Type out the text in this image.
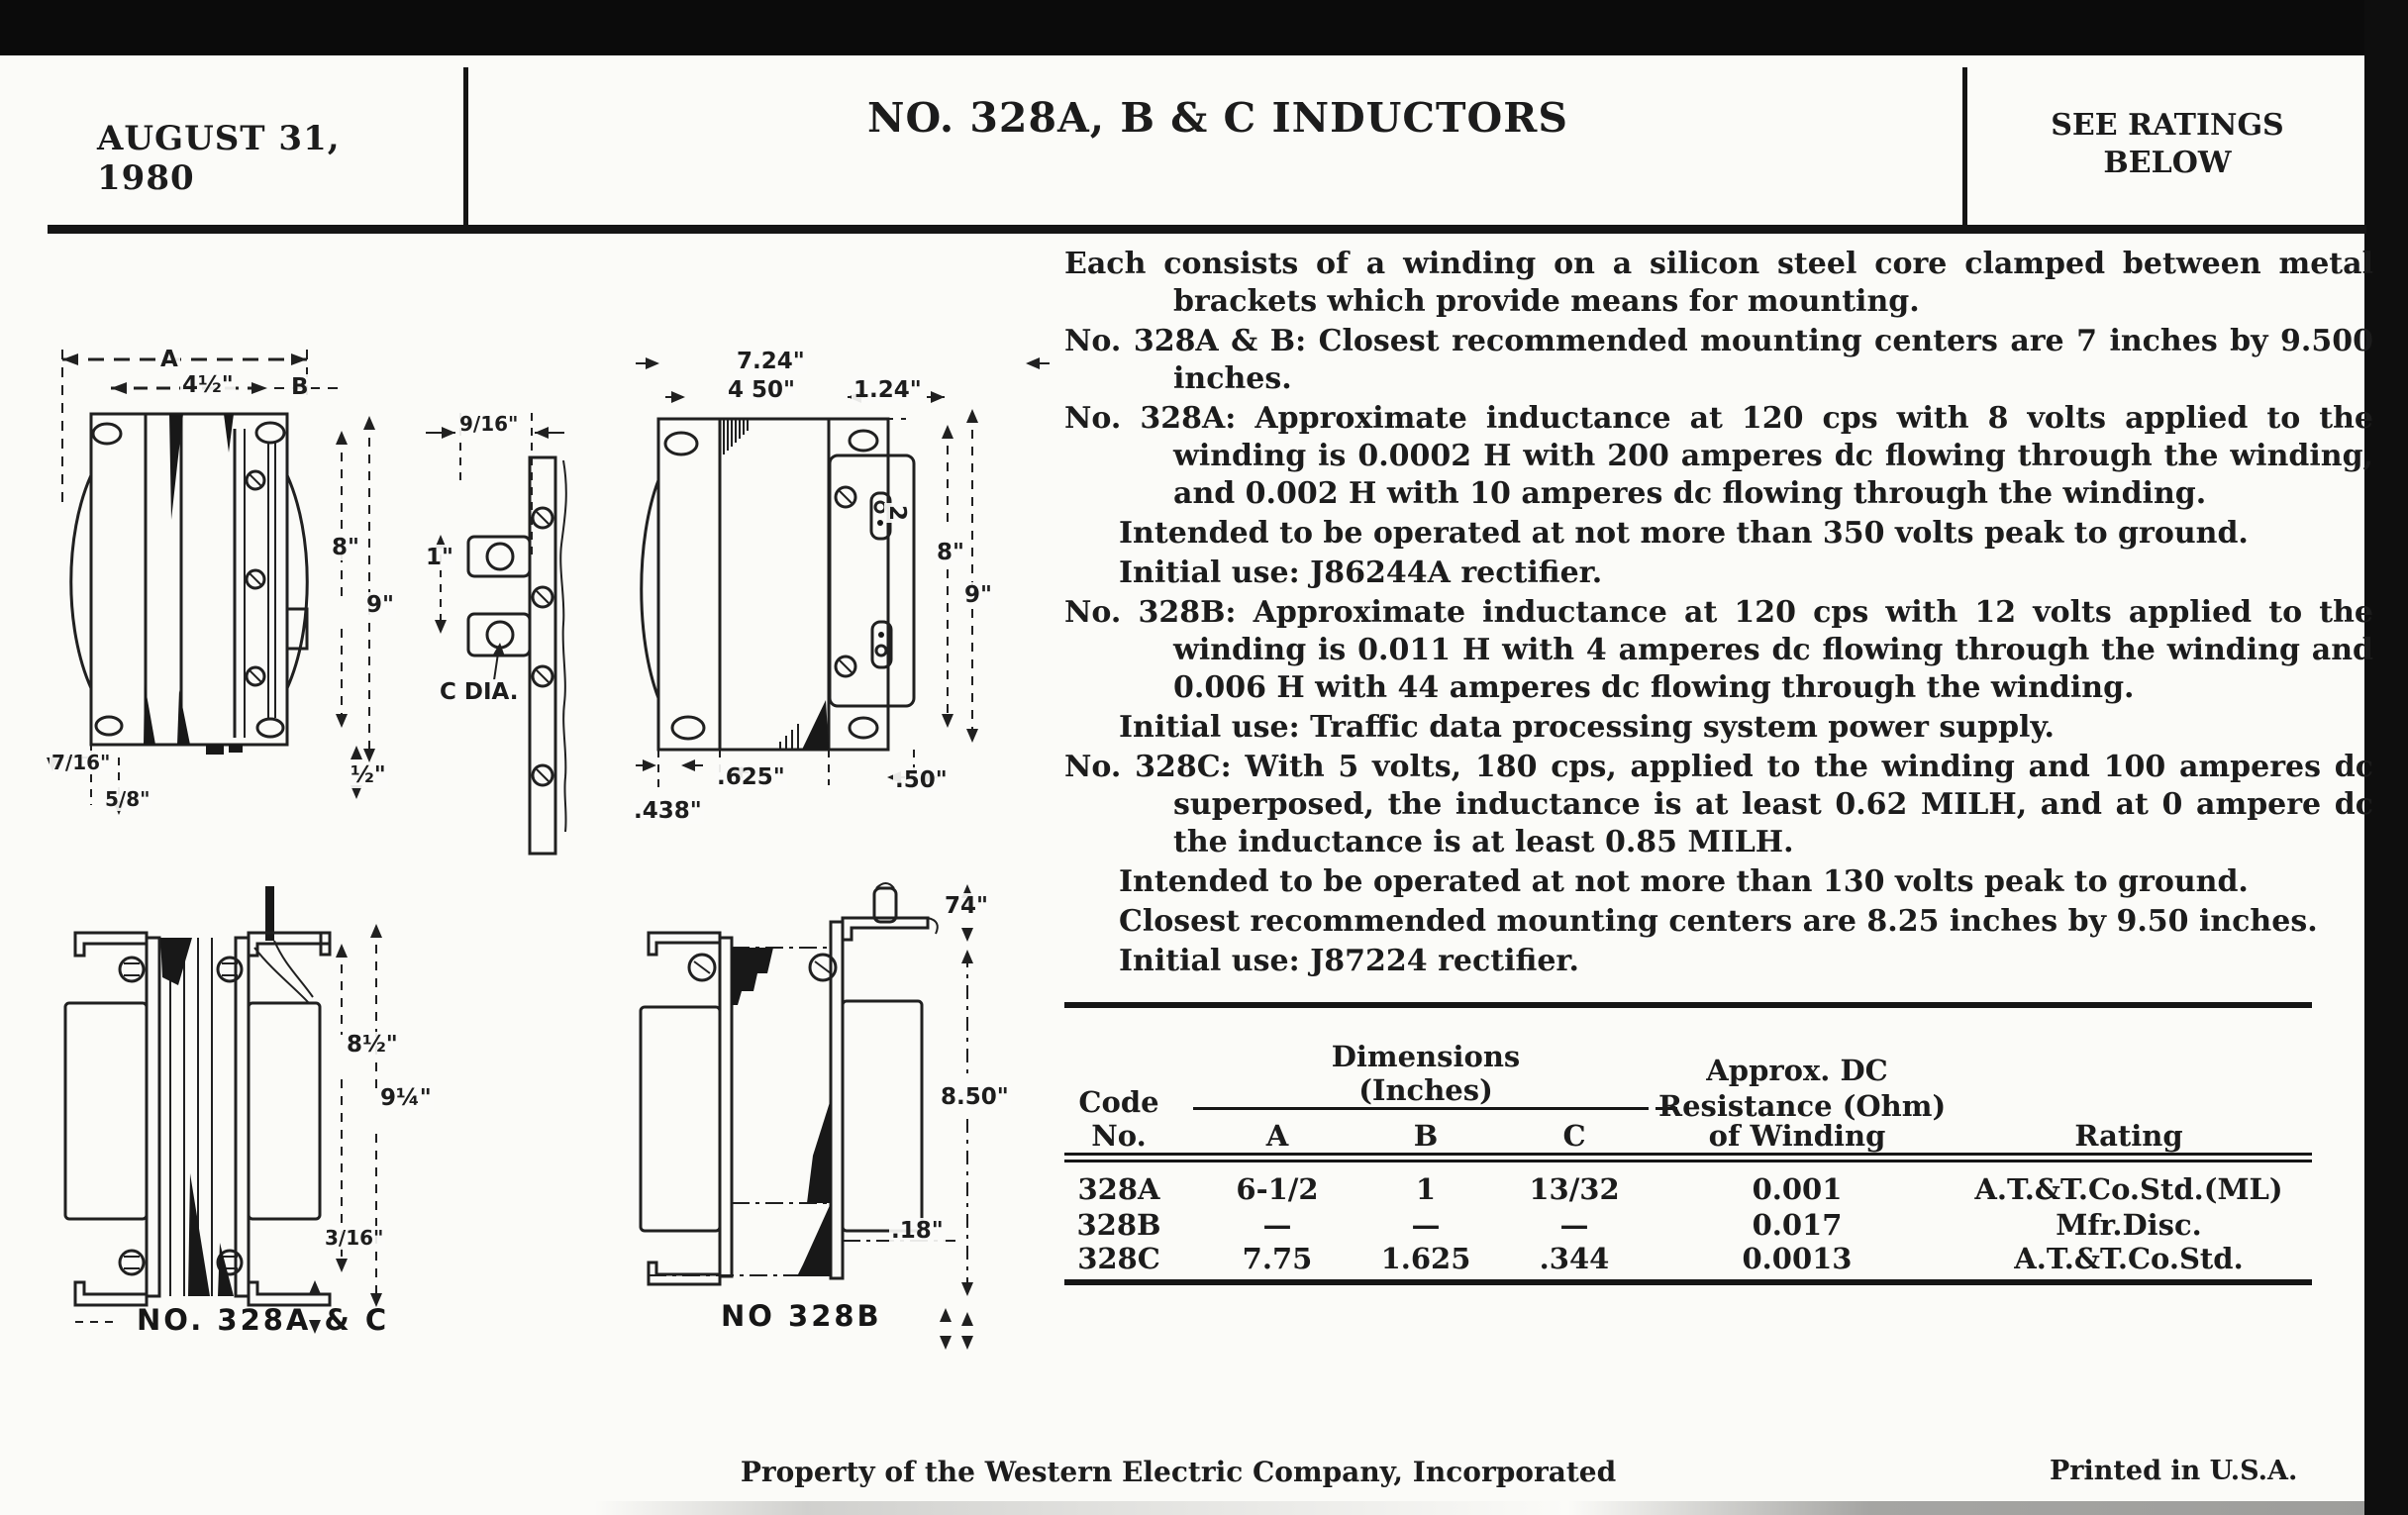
AUGUST 31, 1980
NO. 328A, B & C INDUCTORS	SEE RATINGS
BELOW

Each consists of a winding on a silicon steel core clamped between metal brackets which provide means for mounting.

No. 328A & B: Closest recommended mounting centers are 7 inches by 9.500 inches.

No. 328A: Approximate inductance at 120 cps with 8 volts applied to the winding is 0.0002 H with 200 amperes dc flowing through the winding, and 0.002 H with 10 amperes dc flowing through the winding.

Intended to be operated at not more than 350 volts peak to ground.

Initial use: J86244A rectifier.

No. 328B: Approximate inductance at 120 cps with 12 volts applied to the winding is 0.011 H with 4 amperes dc flowing through the winding and 0.006 H with 44 amperes dc flowing through the winding.

Initial use: Traffic data processing system power supply.

No. 328C: With 5 volts, 180 cps, applied to the winding and 100 amperes dc superposed, the inductance is at least 0.62 MILH, and at 0 ampere dc the inductance is at least 0.85 MILH.

Intended to be operated at not more than 130 volts peak to ground.

Closest recommended mounting centers are 8.25 inches by 9.50 inches.

Initial use: J87224 rectifier.

Dimensions
(Inches)
Approx. DC
Resistance (Ohm)
Code
No.	A	B	C	of Winding	Rating
328A	6-1/2	1	13/32	0.001	A.T.&T.Co.Std.(ML)
328B	—	—	—	0.017	Mfr.Disc.
328C	7.75	1.625	.344	0.0013	A.T.&T.Co.Std.
A
4½"	B
8"
9"
7/16"
5/8"
½"
9/16"
1"
C DIA.
7.24"
4 50"	1.24"
2
8"
9"
.625"
.438"
.50"
8½"
9¼"
3/16"
NO. 328A & C
74"
8.50"
.18"
NO 328B
Property of the Western Electric Company, Incorporated	Printed in U.S.A.
